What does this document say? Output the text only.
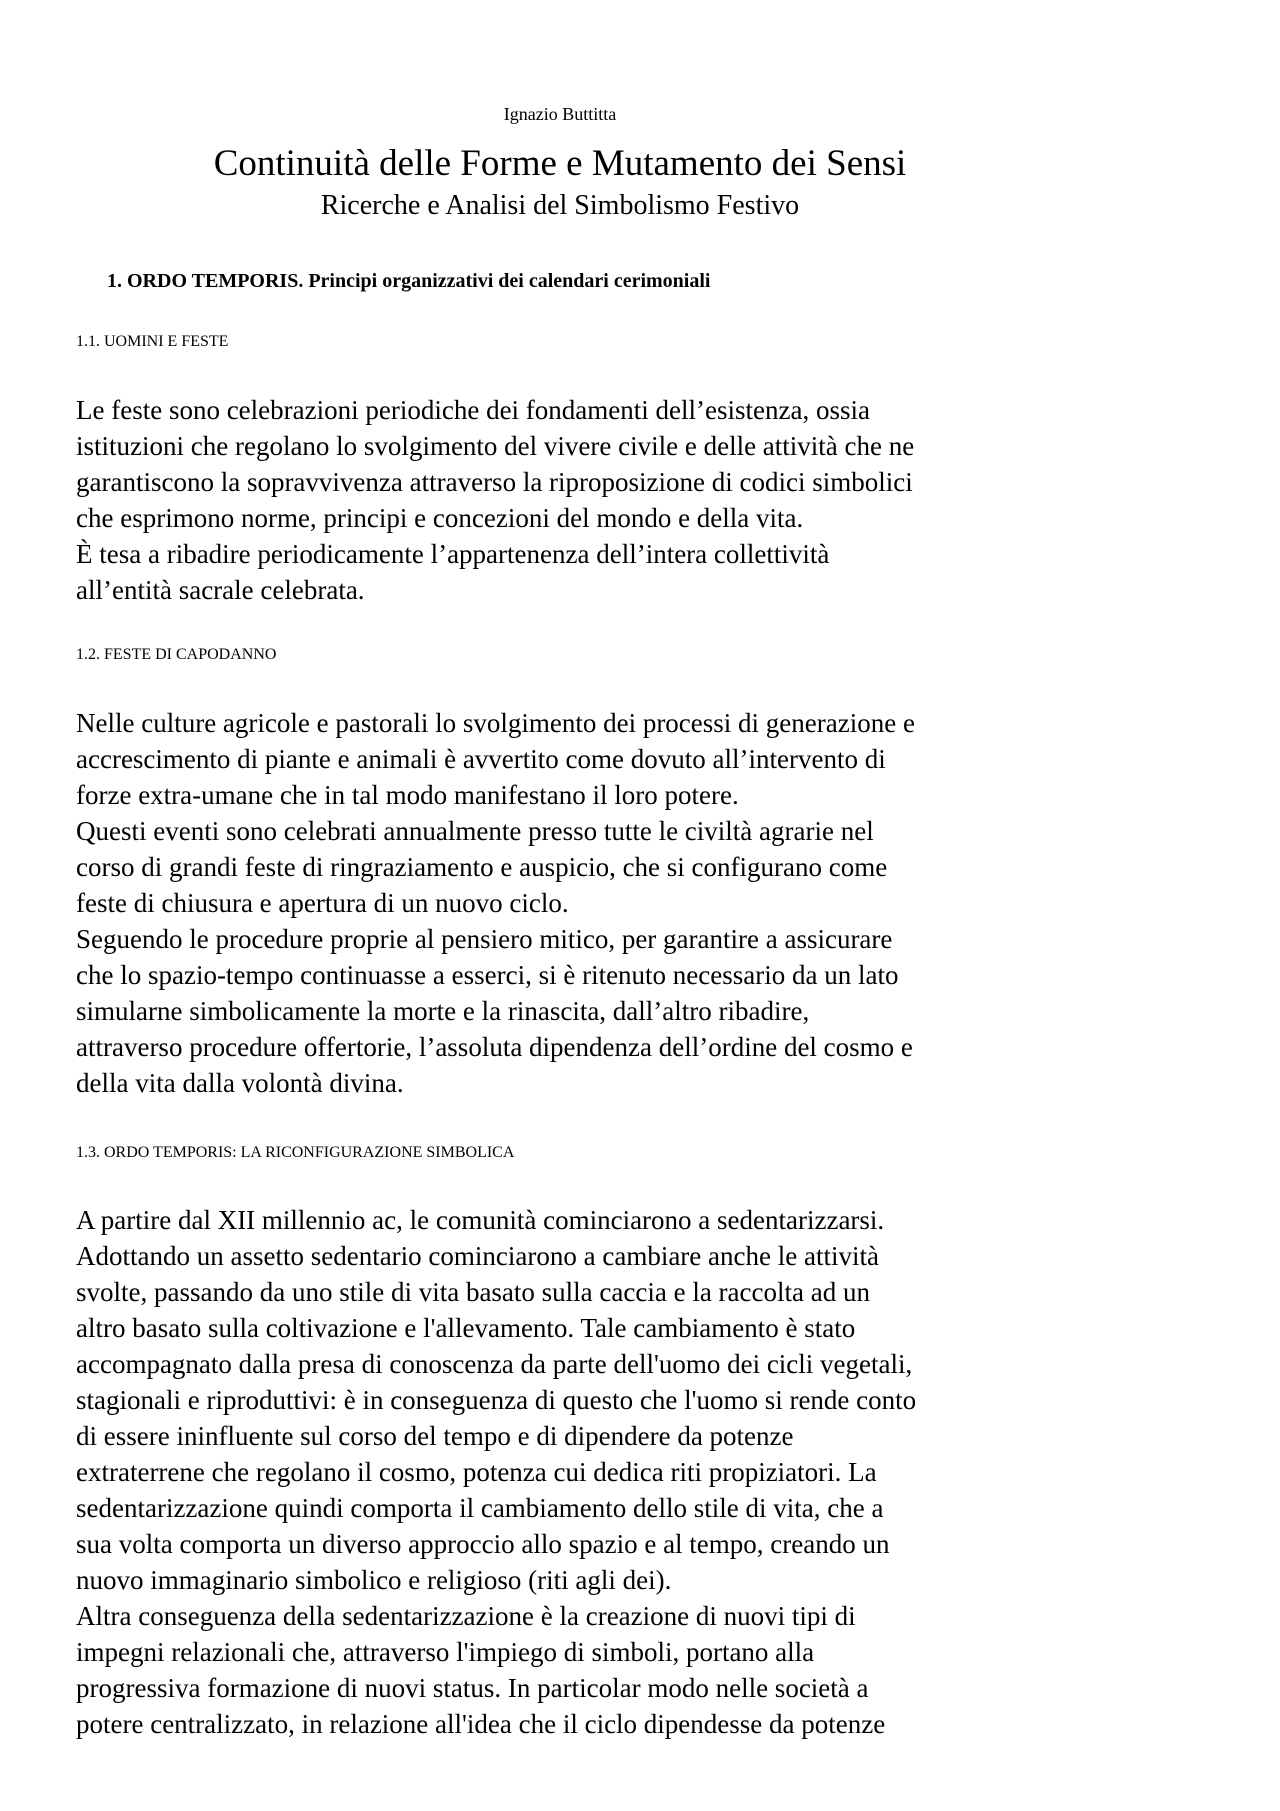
Ignazio Buttitta
Continuità delle Forme e Mutamento dei Sensi
Ricerche e Analisi del Simbolismo Festivo
1. ORDO TEMPORIS. Principi organizzativi dei calendari cerimoniali
1.1. UOMINI E FESTE
Le feste sono celebrazioni periodiche dei fondamenti dell’esistenza, ossia
istituzioni che regolano lo svolgimento del vivere civile e delle attività che ne
garantiscono la sopravvivenza attraverso la riproposizione di codici simbolici
che esprimono norme, principi e concezioni del mondo e della vita.
È tesa a ribadire periodicamente l’appartenenza dell’intera collettività
all’entità sacrale celebrata.
1.2. FESTE DI CAPODANNO
Nelle culture agricole e pastorali lo svolgimento dei processi di generazione e
accrescimento di piante e animali è avvertito come dovuto all’intervento di
forze extra-umane che in tal modo manifestano il loro potere.
Questi eventi sono celebrati annualmente presso tutte le civiltà agrarie nel
corso di grandi feste di ringraziamento e auspicio, che si configurano come
feste di chiusura e apertura di un nuovo ciclo.
Seguendo le procedure proprie al pensiero mitico, per garantire a assicurare
che lo spazio-tempo continuasse a esserci, si è ritenuto necessario da un lato
simularne simbolicamente la morte e la rinascita, dall’altro ribadire,
attraverso procedure offertorie, l’assoluta dipendenza dell’ordine del cosmo e
della vita dalla volontà divina.
1.3. ORDO TEMPORIS: LA RICONFIGURAZIONE SIMBOLICA
A partire dal XII millennio ac, le comunità cominciarono a sedentarizzarsi.
Adottando un assetto sedentario cominciarono a cambiare anche le attività
svolte, passando da uno stile di vita basato sulla caccia e la raccolta ad un
altro basato sulla coltivazione e l'allevamento. Tale cambiamento è stato
accompagnato dalla presa di conoscenza da parte dell'uomo dei cicli vegetali,
stagionali e riproduttivi: è in conseguenza di questo che l'uomo si rende conto
di essere ininfluente sul corso del tempo e di dipendere da potenze
extraterrene che regolano il cosmo, potenza cui dedica riti propiziatori. La
sedentarizzazione quindi comporta il cambiamento dello stile di vita, che a
sua volta comporta un diverso approccio allo spazio e al tempo, creando un
nuovo immaginario simbolico e religioso (riti agli dei).
Altra conseguenza della sedentarizzazione è la creazione di nuovi tipi di
impegni relazionali che, attraverso l'impiego di simboli, portano alla
progressiva formazione di nuovi status. In particolar modo nelle società a
potere centralizzato, in relazione all'idea che il ciclo dipendesse da potenze
